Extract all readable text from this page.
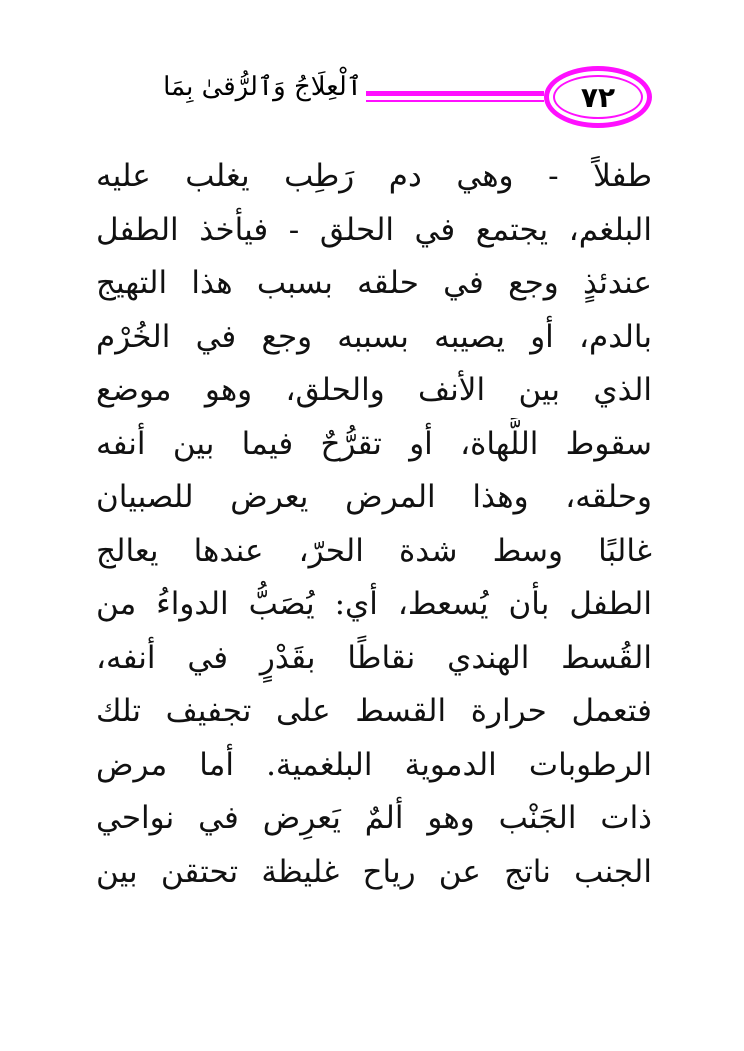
٧٢
ٱلْعِلَاجُ وَٱلرُّقىٰ بِمَا
طفلاً - وهي دم رَطِب يغلب عليه
البلغم، يجتمع في الحلق - فيأخذ الطفل
عندئذٍ وجع في حلقه بسبب هذا التهيج
بالدم، أو يصيبه بسببه وجع في الخُرْم
الذي بين الأنف والحلق، وهو موضع
سقوط اللَّهاة، أو تقرُّحٌ فيما بين أنفه
وحلقه، وهذا المرض يعرض للصبيان
غالبًا وسط شدة الحرّ، عندها يعالج
الطفل بأن يُسعط، أي: يُصَبُّ الدواءُ من
القُسط الهندي نقاطًا بقَدْرٍ في أنفه،
فتعمل حرارة القسط على تجفيف تلك
الرطوبات الدموية البلغمية. أما مرض
ذات الجَنْب وهو ألمٌ يَعرِض في نواحي
الجنب ناتج عن رياح غليظة تحتقن بين
